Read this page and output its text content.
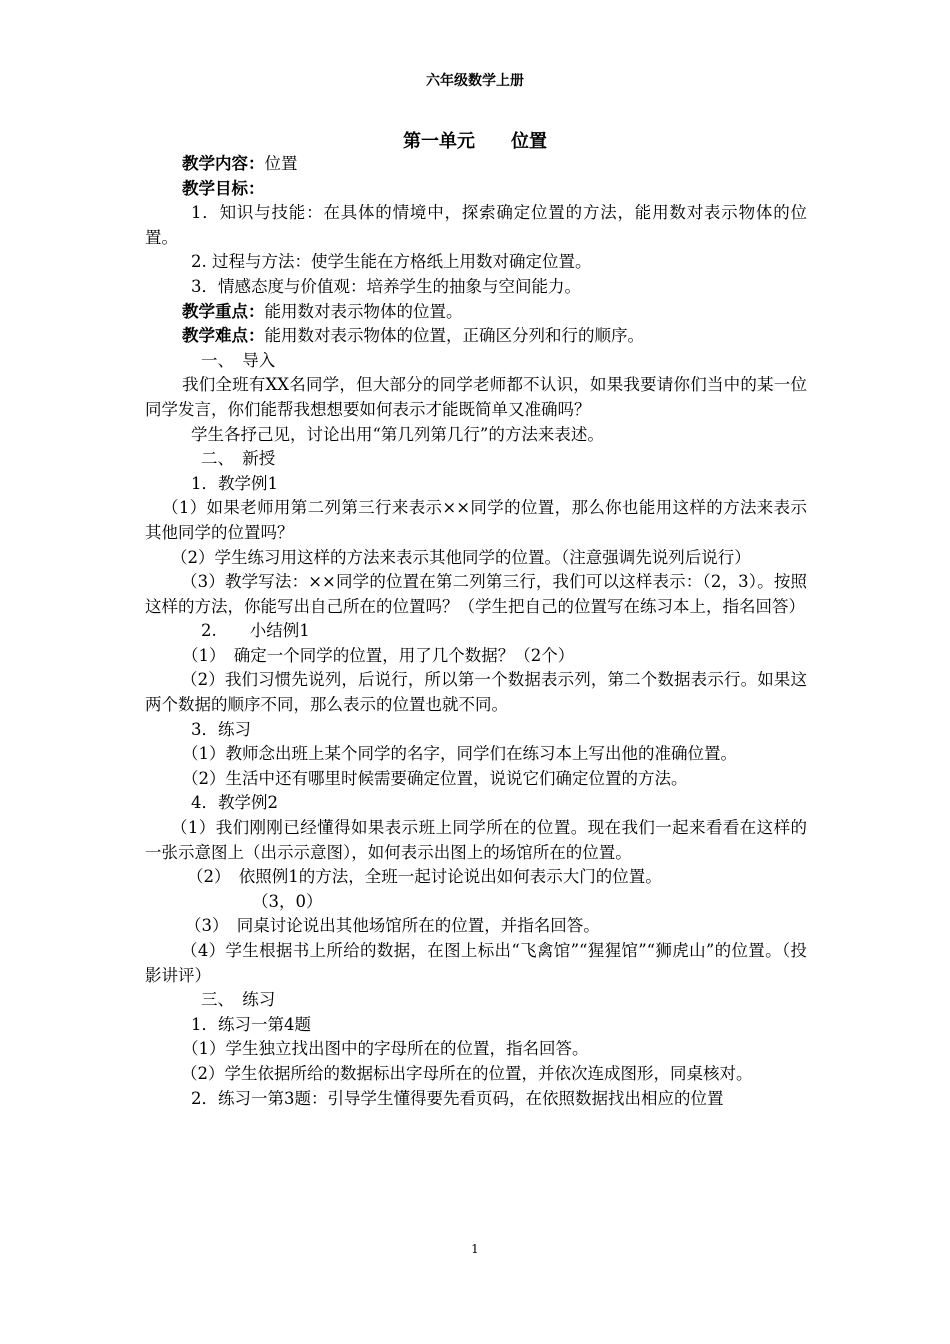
六年级数学上册
第一单元 位置

教学内容：位置

教学目标：

1．知识与技能：在具体的情境中，探索确定位置的方法，能用数对表示物体的位置。

2. 过程与方法：使学生能在方格纸上用数对确定位置。

3．情感态度与价值观：培养学生的抽象与空间能力。

教学重点：能用数对表示物体的位置。

教学难点：能用数对表示物体的位置，正确区分列和行的顺序。

一、　导入

我们全班有XX名同学，但大部分的同学老师都不认识，如果我要请你们当中的某一位同学发言，你们能帮我想想要如何表示才能既简单又准确吗？

学生各抒己见，讨论出用“第几列第几行”的方法来表述。

二、　新授

1．教学例1

（1）如果老师用第二列第三行来表示××同学的位置，那么你也能用这样的方法来表示其他同学的位置吗？

（2）学生练习用这样的方法来表示其他同学的位置。（注意强调先说列后说行）

（3）教学写法：××同学的位置在第二列第三行，我们可以这样表示：（2，3）。按照这样的方法，你能写出自己所在的位置吗？（学生把自己的位置写在练习本上，指名回答）

2.　　小结例1

（1）　确定一个同学的位置，用了几个数据？（2个）

（2）我们习惯先说列，后说行，所以第一个数据表示列，第二个数据表示行。如果这两个数据的顺序不同，那么表示的位置也就不同。

3．练习

（1）教师念出班上某个同学的名字，同学们在练习本上写出他的准确位置。

（2）生活中还有哪里时候需要确定位置，说说它们确定位置的方法。

4．教学例2

（1）我们刚刚已经懂得如果表示班上同学所在的位置。现在我们一起来看看在这样的一张示意图上（出示示意图），如何表示出图上的场馆所在的位置。

（2）　依照例1的方法，全班一起讨论说出如何表示大门的位置。

（3，0）

（3）　同桌讨论说出其他场馆所在的位置，并指名回答。

（4）学生根据书上所给的数据，在图上标出“飞禽馆”“猩猩馆”“狮虎山”的位置。（投影讲评）

三、　练习

1．练习一第4题

（1）学生独立找出图中的字母所在的位置，指名回答。

（2）学生依据所给的数据标出字母所在的位置，并依次连成图形，同桌核对。

2．练习一第3题：引导学生懂得要先看页码，在依照数据找出相应的位置

1
